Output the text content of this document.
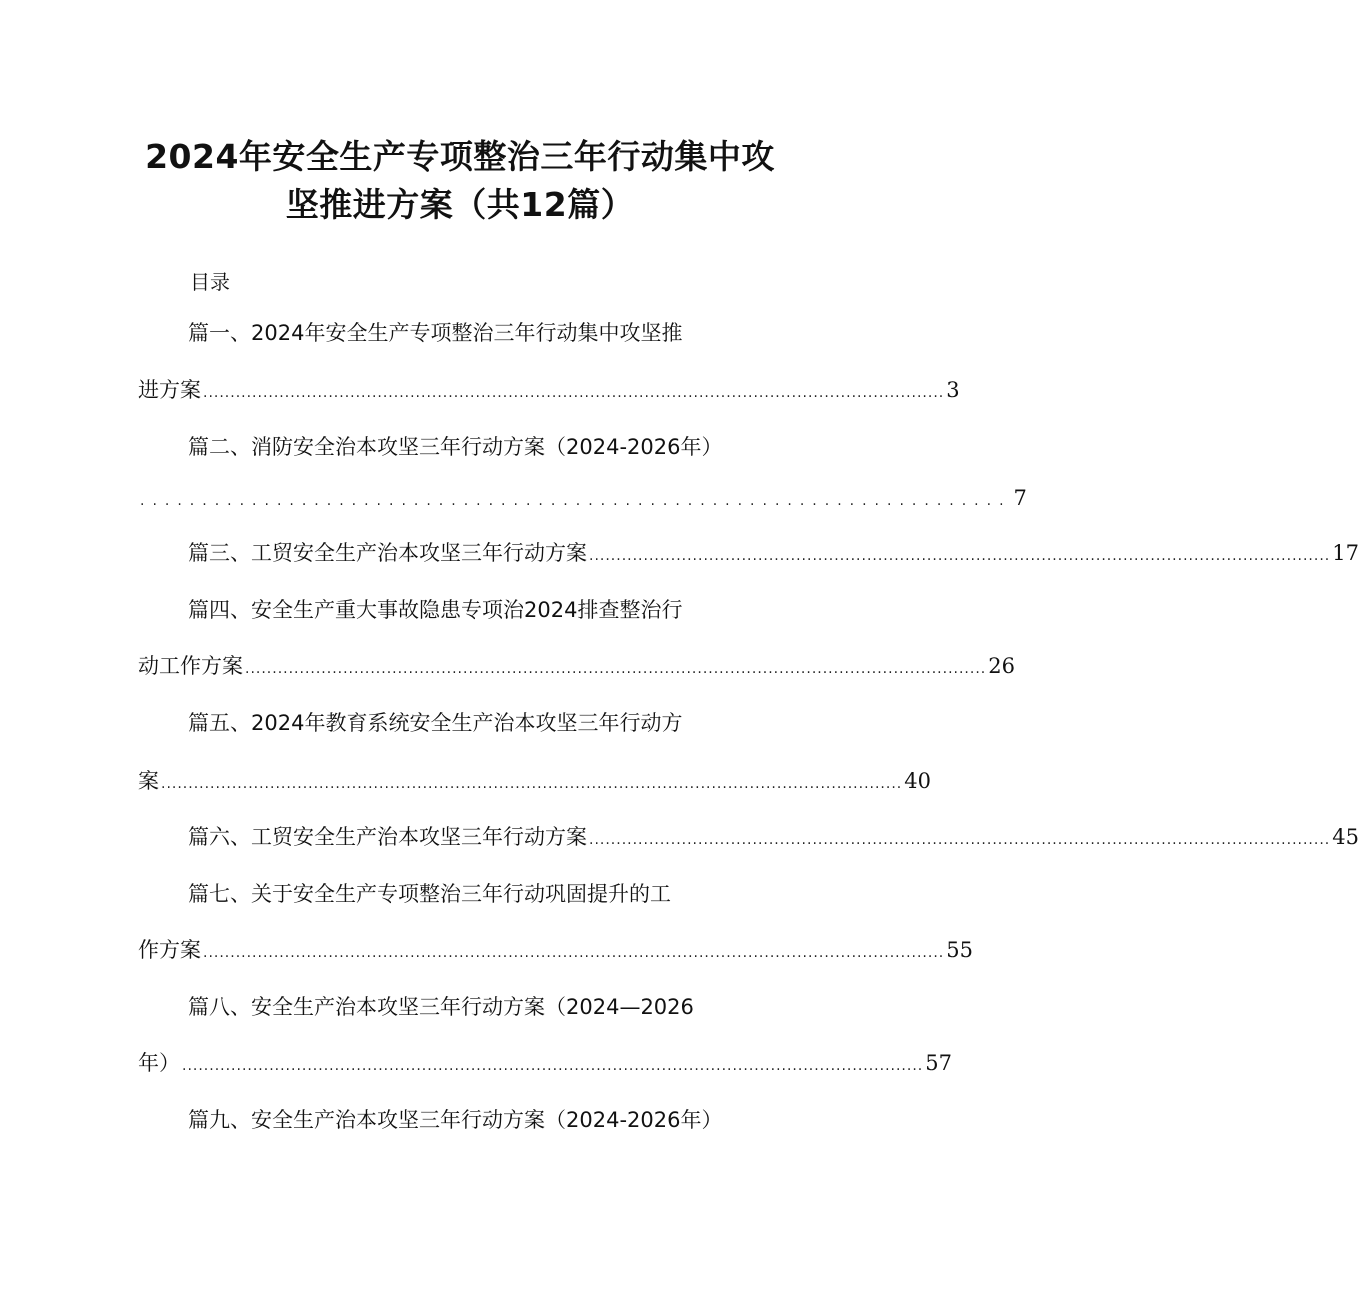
2024年安全生产专项整治三年行动集中攻
坚推进方案（共12篇）
目录
篇一、2024年安全生产专项整治三年行动集中攻坚推
进方案 ........................................................................................................................................ 3
篇二、消防安全治本攻坚三年行动方案（2024-2026年）
...................................................................... 7
篇三、工贸安全生产治本攻坚三年行动方案 ........................................................................................................................................ 17
篇四、安全生产重大事故隐患专项治2024排查整治行
动工作方案 ........................................................................................................................................ 26
篇五、2024年教育系统安全生产治本攻坚三年行动方
案 ........................................................................................................................................ 40
篇六、工贸安全生产治本攻坚三年行动方案 ........................................................................................................................................ 45
篇七、关于安全生产专项整治三年行动巩固提升的工
作方案 ........................................................................................................................................ 55
篇八、安全生产治本攻坚三年行动方案（2024—2026
年） ........................................................................................................................................ 57
篇九、安全生产治本攻坚三年行动方案（2024-2026年）
